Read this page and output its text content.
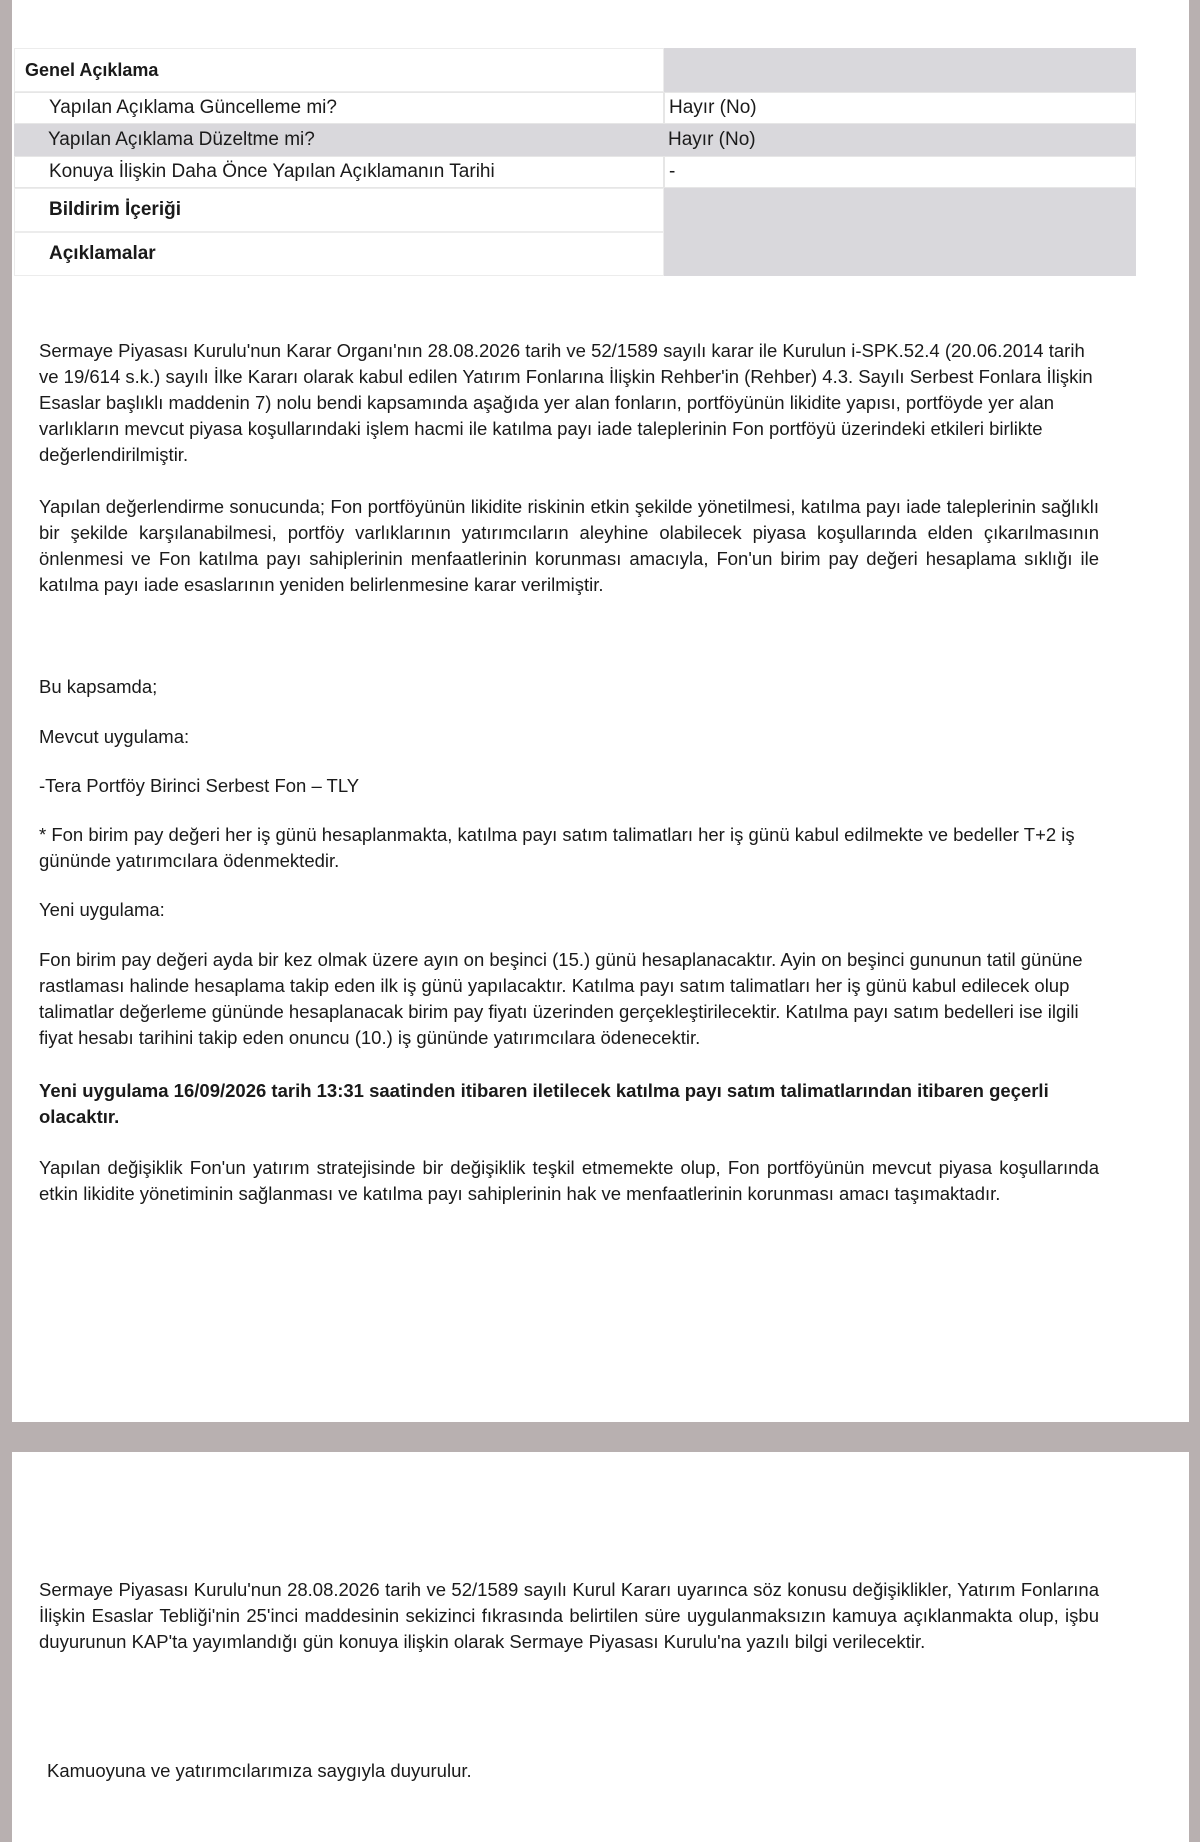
Genel Açıklama
Yapılan Açıklama Güncelleme mi?	Hayır (No)
Yapılan Açıklama Düzeltme mi?	Hayır (No)
Konuya İlişkin Daha Önce Yapılan Açıklamanın Tarihi	-
Bildirim İçeriği
Açıklamalar

Sermaye Piyasası Kurulu'nun Karar Organı'nın 28.08.2026 tarih ve 52/1589 sayılı karar ile Kurulun i-SPK.52.4 (20.06.2014 tarih ve 19/614 s.k.) sayılı İlke Kararı olarak kabul edilen Yatırım Fonlarına İlişkin Rehber'in (Rehber) 4.3. Sayılı Serbest Fonlara İlişkin Esaslar başlıklı maddenin 7) nolu bendi kapsamında aşağıda yer alan fonların, portföyünün likidite yapısı, portföyde yer alan varlıkların mevcut piyasa koşullarındaki işlem hacmi ile katılma payı iade taleplerinin Fon portföyü üzerindeki etkileri birlikte değerlendirilmiştir.

Yapılan değerlendirme sonucunda; Fon portföyünün likidite riskinin etkin şekilde yönetilmesi, katılma payı iade taleplerinin sağlıklı bir şekilde karşılanabilmesi, portföy varlıklarının yatırımcıların aleyhine olabilecek piyasa koşullarında elden çıkarılmasının önlenmesi ve Fon katılma payı sahiplerinin menfaatlerinin korunması amacıyla, Fon'un birim pay değeri hesaplama sıklığı ile katılma payı iade esaslarının yeniden belirlenmesine karar verilmiştir.

Bu kapsamda;

Mevcut uygulama:

-Tera Portföy Birinci Serbest Fon – TLY

* Fon birim pay değeri her iş günü hesaplanmakta, katılma payı satım talimatları her iş günü kabul edilmekte ve bedeller T+2 iş gününde yatırımcılara ödenmektedir.

Yeni uygulama:

Fon birim pay değeri ayda bir kez olmak üzere ayın on beşinci (15.) günü hesaplanacaktır. Ayin on beşinci gununun tatil gününe rastlaması halinde hesaplama takip eden ilk iş günü yapılacaktır. Katılma payı satım talimatları her iş günü kabul edilecek olup talimatlar değerleme gününde hesaplanacak birim pay fiyatı üzerinden gerçekleştirilecektir. Katılma payı satım bedelleri ise ilgili fiyat hesabı tarihini takip eden onuncu (10.) iş gününde yatırımcılara ödenecektir.

Yeni uygulama 16/09/2026 tarih 13:31 saatinden itibaren iletilecek katılma payı satım talimatlarından itibaren geçerli olacaktır.

Yapılan değişiklik Fon'un yatırım stratejisinde bir değişiklik teşkil etmemekte olup, Fon portföyünün mevcut piyasa koşullarında etkin likidite yönetiminin sağlanması ve katılma payı sahiplerinin hak ve menfaatlerinin korunması amacı taşımaktadır.

Sermaye Piyasası Kurulu'nun 28.08.2026 tarih ve 52/1589 sayılı Kurul Kararı uyarınca söz konusu değişiklikler, Yatırım Fonlarına İlişkin Esaslar Tebliği'nin 25'inci maddesinin sekizinci fıkrasında belirtilen süre uygulanmaksızın kamuya açıklanmakta olup, işbu duyurunun KAP'ta yayımlandığı gün konuya ilişkin olarak Sermaye Piyasası Kurulu'na yazılı bilgi verilecektir.

Kamuoyuna ve yatırımcılarımıza saygıyla duyurulur.
